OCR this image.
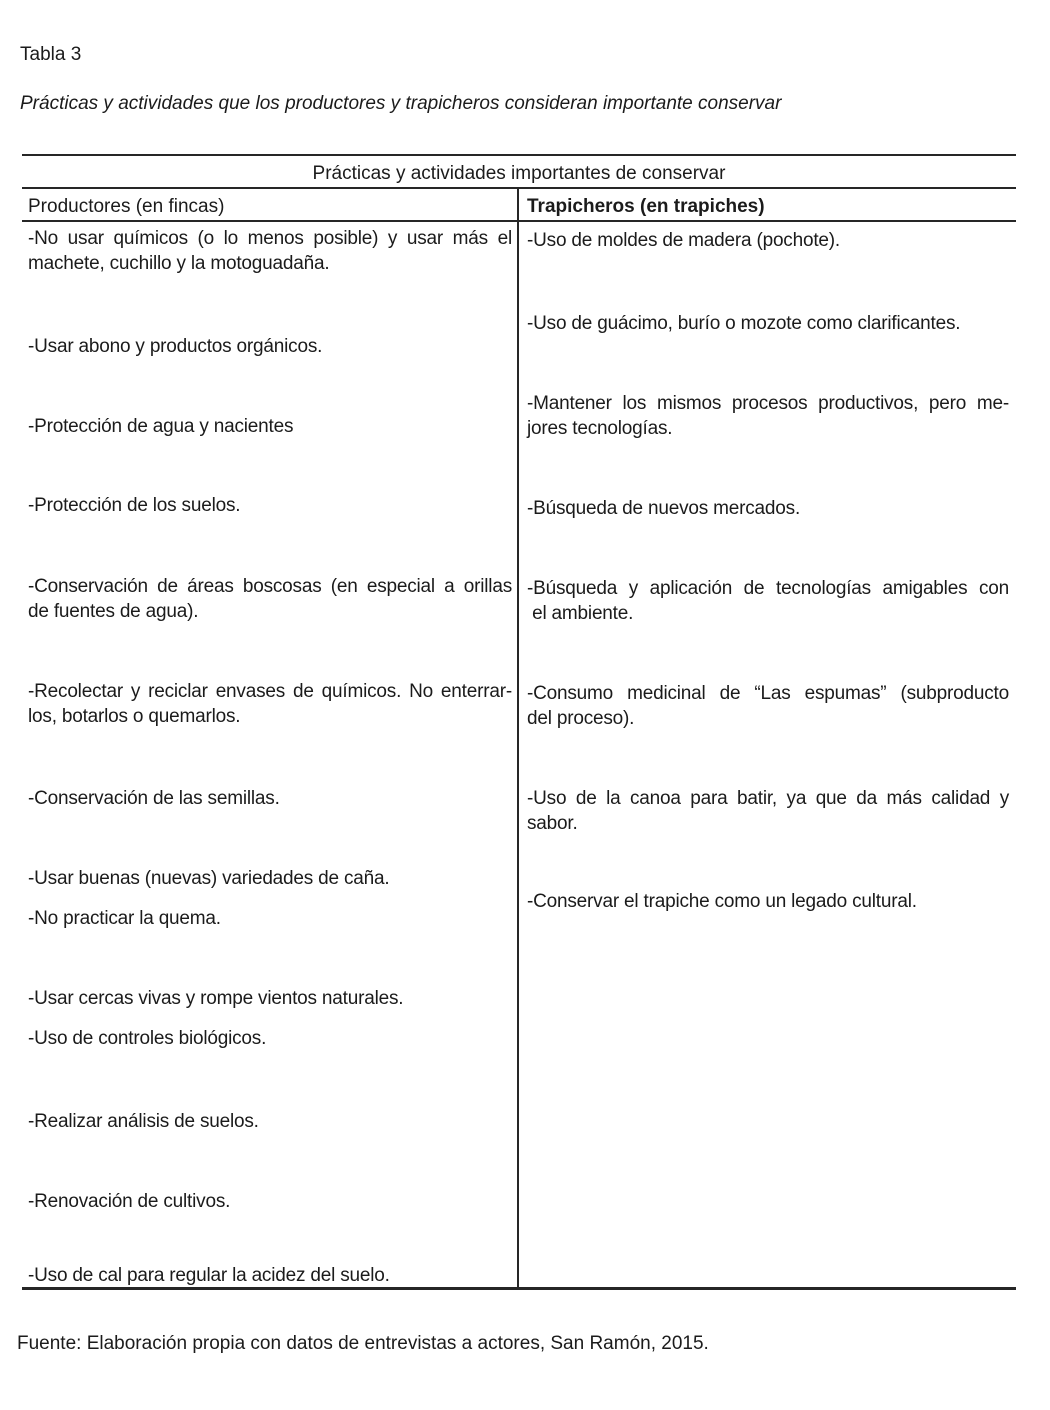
Tabla 3
Prácticas y actividades que los productores y trapicheros consideran importante conservar
Prácticas y actividades importantes de conservar
Productores (en fincas)	Trapicheros (en trapiches)
-No usar químicos (o lo menos posible) y usar más el
machete, cuchillo y la motoguadaña.
-Usar abono y productos orgánicos.
-Protección de agua y nacientes
-Protección de los suelos.
-Conservación de áreas boscosas (en especial a orillas
de fuentes de agua).
-Recolectar y reciclar envases de químicos. No enterrar-
los, botarlos o quemarlos.
-Conservación de las semillas.
-Usar buenas (nuevas) variedades de caña.
-No practicar la quema.
-Usar cercas vivas y rompe vientos naturales.
-Uso de controles biológicos.
-Realizar análisis de suelos.
-Renovación de cultivos.
-Uso de cal para regular la acidez del suelo.
-Uso de moldes de madera (pochote).
-Uso de guácimo, burío o mozote como clarificantes.
-Mantener los mismos procesos productivos, pero me-
jores tecnologías.
-Búsqueda de nuevos mercados.
-Búsqueda y aplicación de tecnologías amigables con
el ambiente.
-Consumo medicinal de “Las espumas” (subproducto
del proceso).
-Uso de la canoa para batir, ya que da más calidad y
sabor.
-Conservar el trapiche como un legado cultural.
Fuente: Elaboración propia con datos de entrevistas a actores, San Ramón, 2015.
